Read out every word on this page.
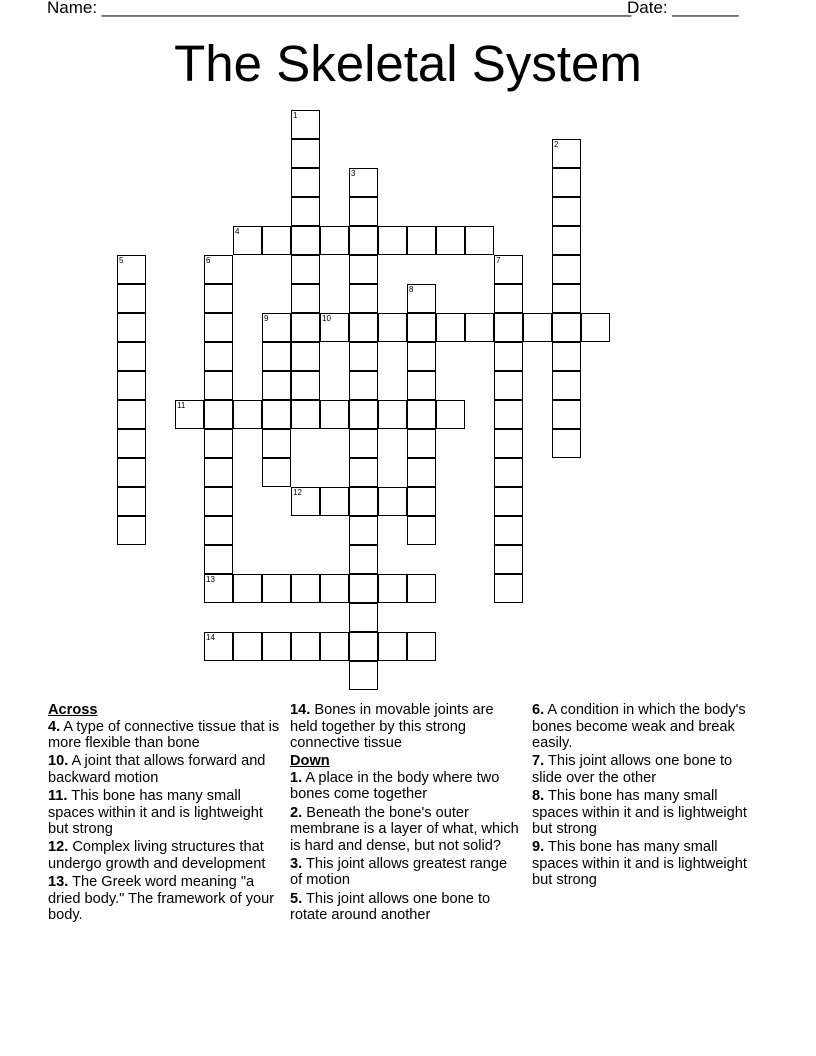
Name: ________________________________________________________
Date: _______
The Skeletal System
1
2
3
4
5	6
13
7
8
9	10
11
12
14
Across
4. A type of connective tissue that is more flexible than bone
10. A joint that allows forward and backward motion
11. This bone has many small spaces within it and is lightweight but strong
12. Complex living structures that undergo growth and development
13. The Greek word meaning "a dried body." The framework of your body.
14. Bones in movable joints are held together by this strong connective tissue
Down
1. A place in the body where two bones come together
2. Beneath the bone's outer membrane is a layer of what, which is hard and dense, but not solid?
3. This joint allows greatest range of motion
5. This joint allows one bone to rotate around another
6. A condition in which the body's bones become weak and break easily.
7. This joint allows one bone to slide over the other
8. This bone has many small spaces within it and is lightweight but strong
9. This bone has many small spaces within it and is lightweight but strong
